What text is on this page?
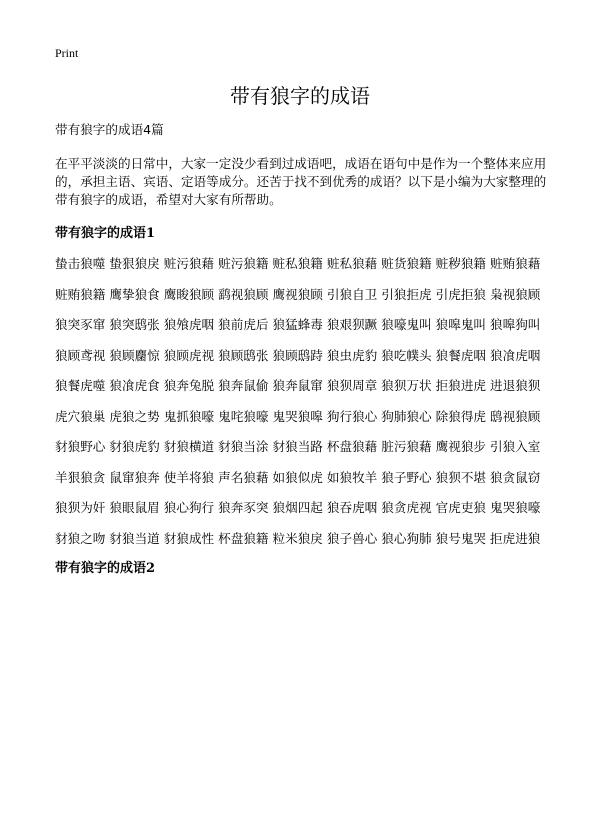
Print
带有狼字的成语

带有狼字的成语4篇

在平平淡淡的日常中，大家一定没少看到过成语吧，成语在语句中是作为一个整体来应用的，承担主语、宾语、定语等成分。还苦于找不到优秀的成语？以下是小编为大家整理的带有狼字的成语，希望对大家有所帮助。

带有狼字的成语1

蛰击狼噬 蛰狠狼戾 赃污狼藉 赃污狼籍 赃私狼籍 赃私狼藉 赃货狼籍 赃秽狼籍 赃贿狼藉

赃贿狼籍 鹰挚狼食 鹰睃狼顾 鹞视狼顾 鹰视狼顾 引狼自卫 引狼拒虎 引虎拒狼 枭视狼顾

狼突豕窜 狼突鸱张 狼飧虎咽 狼前虎后 狼猛蜂毒 狼艰狈蹶 狼嚎鬼叫 狼嗥鬼叫 狼嗥狗叫

狼顾鸢视 狼顾麕惊 狼顾虎视 狼顾鸱张 狼顾鸱跱 狼虫虎豹 狼吃幞头 狼餐虎咽 狼飡虎咽

狼餐虎噬 狼飡虎食 狼奔兔脱 狼奔鼠偷 狼奔鼠窜 狼狈周章 狼狈万状 拒狼进虎 进退狼狈

虎穴狼巢 虎狼之势 鬼抓狼嚎 鬼咤狼嚎 鬼哭狼嗥 狗行狼心 狗肺狼心 除狼得虎 鸱视狼顾

豺狼野心 豺狼虎豹 豺狼横道 豺狼当涂 豺狼当路 杯盘狼藉 脏污狼藉 鹰视狼步 引狼入室

羊狠狼贪 鼠窜狼奔 使羊将狼 声名狼藉 如狼似虎 如狼牧羊 狼子野心 狼狈不堪 狼贪鼠窃

狼狈为奸 狼眼鼠眉 狼心狗行 狼奔豕突 狼烟四起 狼吞虎咽 狼贪虎视 官虎吏狼 鬼哭狼嚎

豺狼之吻 豺狼当道 豺狼成性 杯盘狼籍 粒米狼戾 狼子兽心 狼心狗肺 狼号鬼哭 拒虎进狼

带有狼字的成语2
